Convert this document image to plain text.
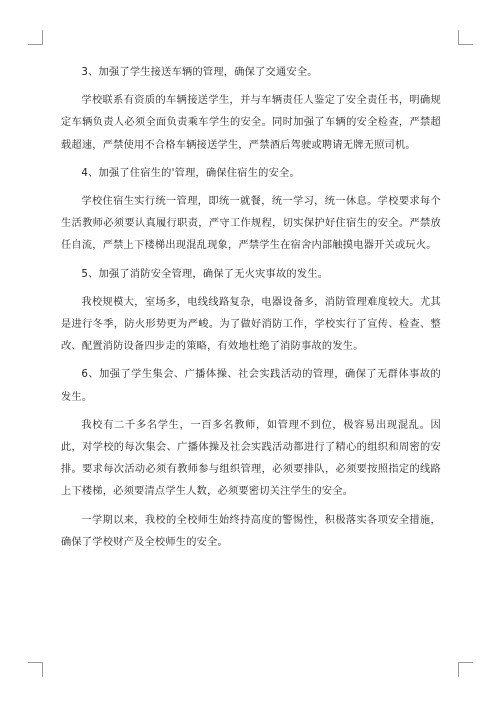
3、加强了学生接送车辆的管理，确保了交通安全。

学校联系有资质的车辆接送学生，并与车辆责任人鉴定了安全责任书，明确规定车辆负责人必须全面负责乘车学生的安全。同时加强了车辆的安全检查，严禁超载超速，严禁使用不合格车辆接送学生，严禁酒后驾驶或聘请无牌无照司机。

4、加强了住宿生的'管理，确保住宿生的安全。

学校住宿生实行统一管理，即统一就餐，统一学习，统一休息。学校要求每个生活教师必须要认真履行职责，严守工作规程，切实保护好住宿生的安全。严禁放任自流，严禁上下楼梯出现混乱现象，严禁学生在宿舍内部触摸电器开关或玩火。

5、加强了消防安全管理，确保了无火灾事故的发生。

我校规模大，室场多，电线线路复杂，电器设备多，消防管理难度较大。尤其是进行冬季，防火形势更为严峻。为了做好消防工作，学校实行了宣传、检查、整改、配置消防设备四步走的策略，有效地杜绝了消防事故的发生。

6、加强了学生集会、广播体操、社会实践活动的管理，确保了无群体事故的发生。

我校有二千多名学生，一百多名教师，如管理不到位，极容易出现混乱。因此，对学校的每次集会、广播体操及社会实践活动都进行了精心的组织和周密的安排。要求每次活动必须有教师参与组织管理，必须要排队，必须要按照指定的线路上下楼梯，必须要清点学生人数，必须要密切关注学生的安全。

一学期以来，我校的全校师生始终持高度的警惕性，积极落实各项安全措施，确保了学校财产及全校师生的安全。
